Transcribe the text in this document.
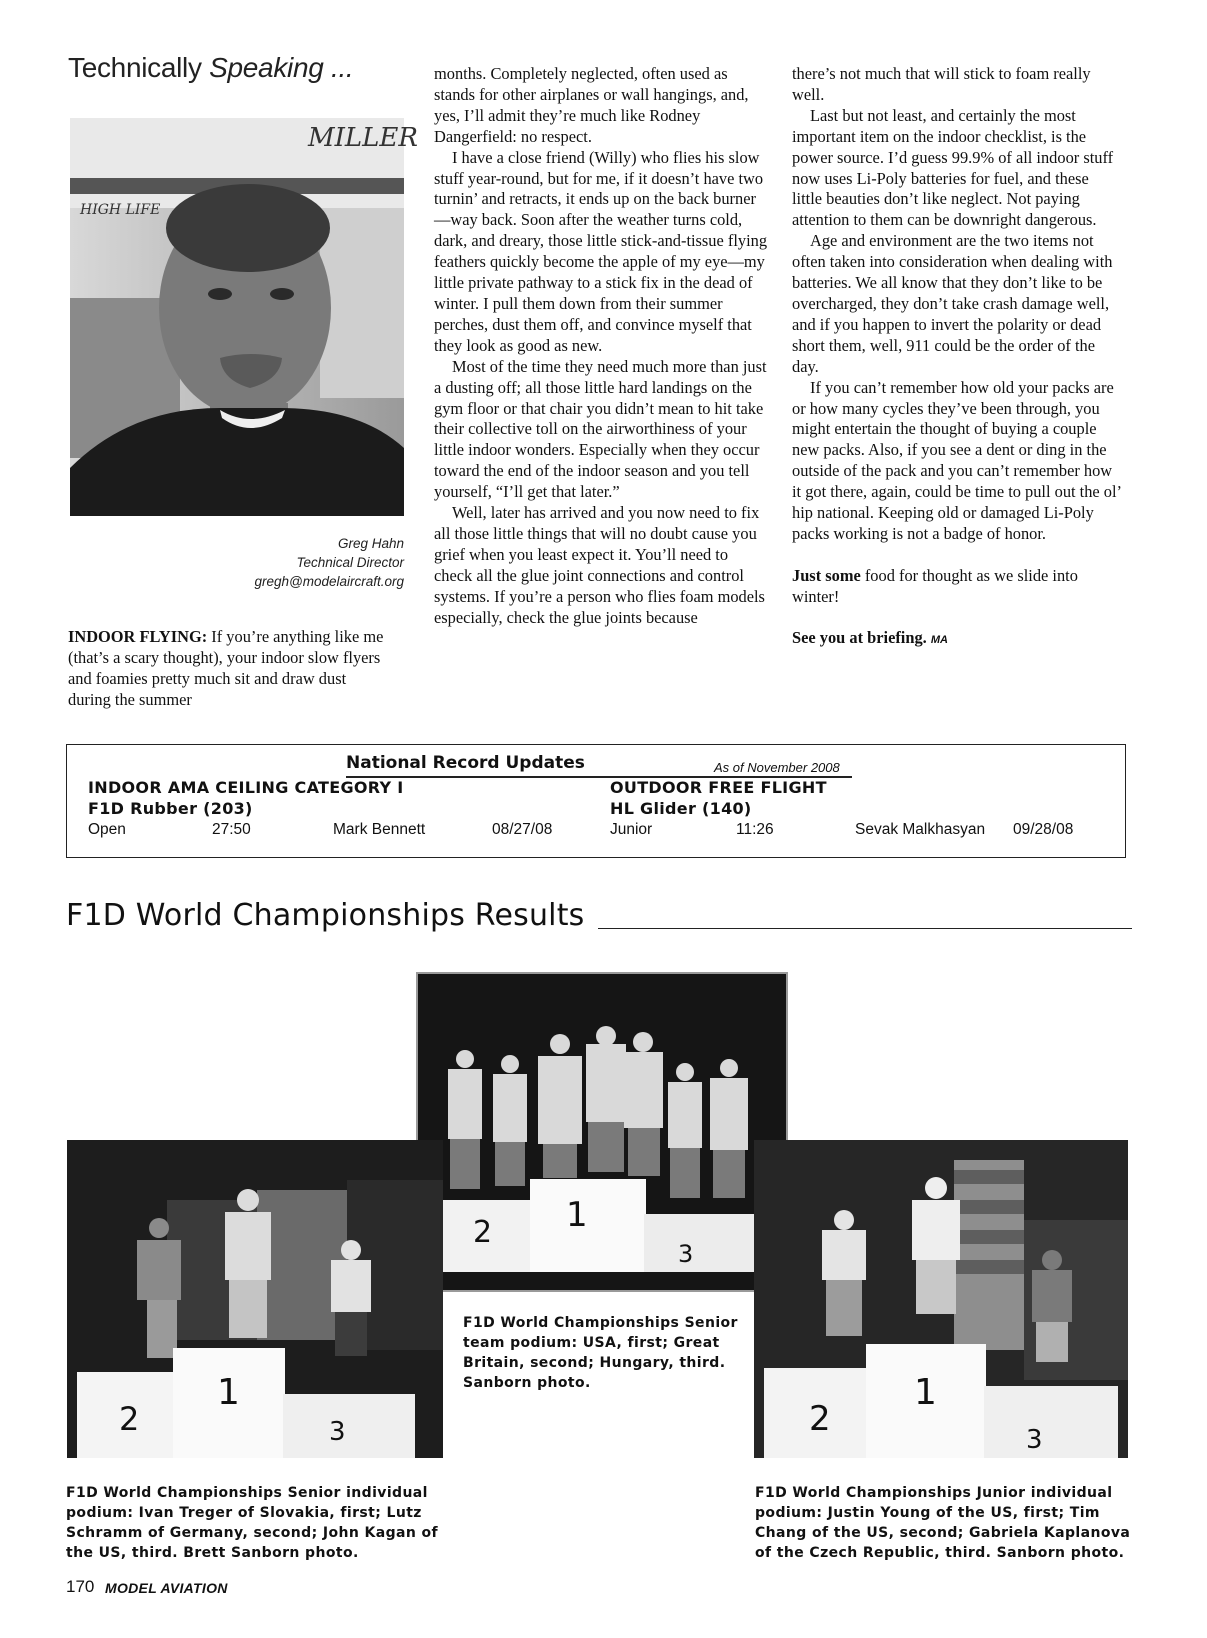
Technically Speaking ...
MILLER
HIGH LIFE
Greg Hahn
Technical Director
gregh@modelaircraft.org

INDOOR FLYING: If you’re anything like me (that’s a scary thought), your indoor slow flyers and foamies pretty much sit and draw dust during the summer

months. Completely neglected, often used as stands for other airplanes or wall hangings, and, yes, I’ll admit they’re much like Rodney Dangerfield: no respect.

I have a close friend (Willy) who flies his slow stuff year-round, but for me, if it doesn’t have two turnin’ and retracts, it ends up on the back burner—way back. Soon after the weather turns cold, dark, and dreary, those little stick-and-tissue flying feathers quickly become the apple of my eye—my little private pathway to a stick fix in the dead of winter. I pull them down from their summer perches, dust them off, and convince myself that they look as good as new.

Most of the time they need much more than just a dusting off; all those little hard landings on the gym floor or that chair you didn’t mean to hit take their collective toll on the airworthiness of your little indoor wonders. Especially when they occur toward the end of the indoor season and you tell yourself, “I’ll get that later.”

Well, later has arrived and you now need to fix all those little things that will no doubt cause you grief when you least expect it. You’ll need to check all the glue joint connections and control systems. If you’re a person who flies foam models especially, check the glue joints because

there’s not much that will stick to foam really well.

Last but not least, and certainly the most important item on the indoor checklist, is the power source. I’d guess 99.9% of all indoor stuff now uses Li-Poly batteries for fuel, and these little beauties don’t like neglect. Not paying attention to them can be downright dangerous.

Age and environment are the two items not often taken into consideration when dealing with batteries. We all know that they don’t like to be overcharged, they don’t take crash damage well, and if you happen to invert the polarity or dead short them, well, 911 could be the order of the day.

If you can’t remember how old your packs are or how many cycles they’ve been through, you might entertain the thought of buying a couple new packs. Also, if you see a dent or ding in the outside of the pack and you can’t remember how it got there, again, could be time to pull out the ol’ hip national. Keeping old or damaged Li-Poly packs working is not a badge of honor.

Just some food for thought as we slide into winter!

See you at briefing. MA

National Record Updates	As of November 2008
INDOOR AMA CEILING CATEGORY I
F1D Rubber (203)
Open	27:50	Mark Bennett	08/27/08
OUTDOOR FREE FLIGHT
HL Glider (140)
Junior	11:26	Sevak Malkhasyan 09/28/08
F1D World Championships Results
2 1
3
F1D World Championships Senior team podium: USA, first; Great Britain, second; Hungary, third. Sanborn photo.
2
1
3
F1D World Championships Senior individual podium: Ivan Treger of Slovakia, first; Lutz Schramm of Germany, second; John Kagan of the US, third. Brett Sanborn photo.
2
1
3
F1D World Championships Junior individual podium: Justin Young of the US, first; Tim Chang of the US, second; Gabriela Kaplanova of the Czech Republic, third. Sanborn photo.
170 MODEL AVIATION
